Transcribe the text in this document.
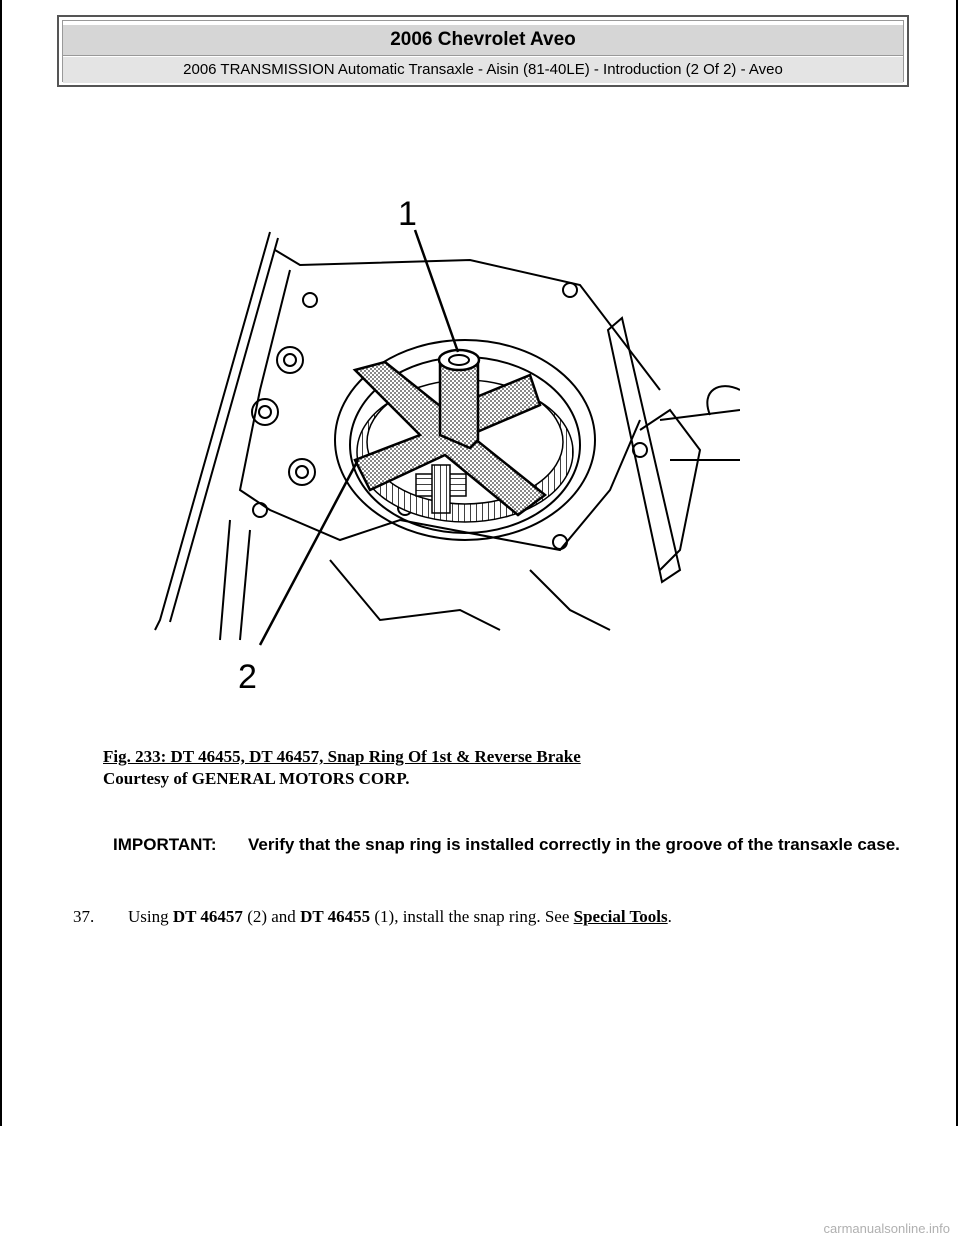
2006 Chevrolet Aveo
2006 TRANSMISSION Automatic Transaxle - Aisin (81-40LE) - Introduction (2 Of 2) - Aveo
1
2
Fig. 233: DT 46455, DT 46457, Snap Ring Of 1st & Reverse Brake
Courtesy of GENERAL MOTORS CORP.
IMPORTANT: Verify that the snap ring is installed correctly in the groove of the transaxle case.
37. Using DT 46457 (2) and DT 46455 (1), install the snap ring. See Special Tools.
carmanualsonline.info
